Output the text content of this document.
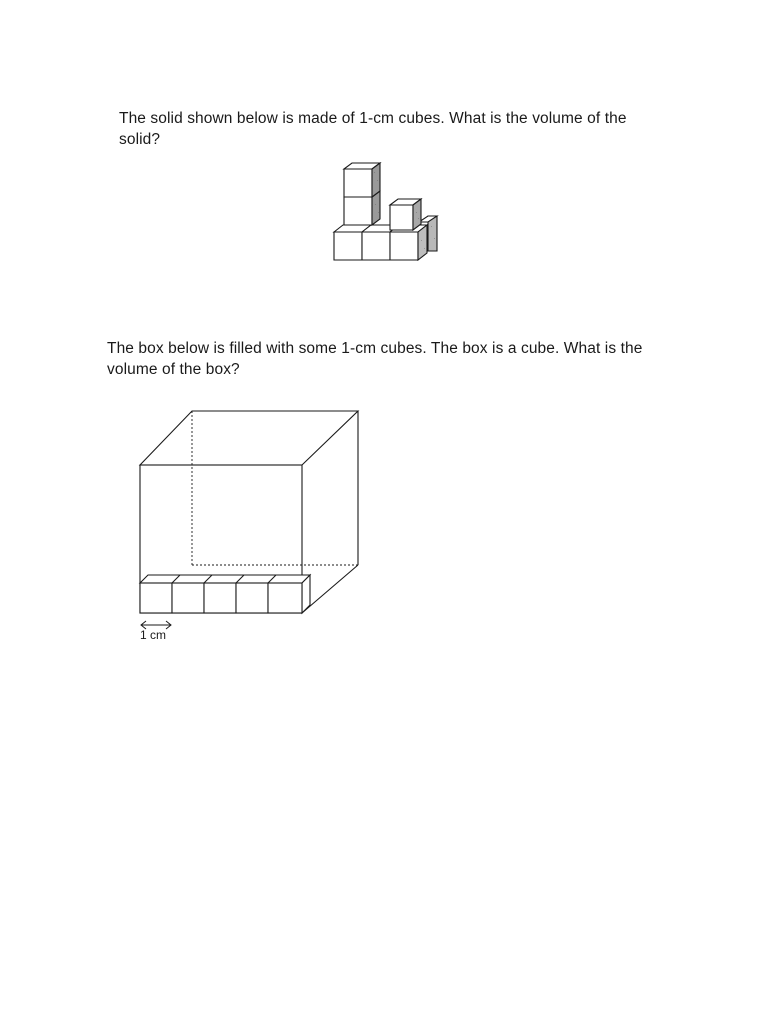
The solid shown below is made of 1-cm cubes. What is the volume of the solid?

The box below is filled with some 1-cm cubes. The box is a cube. What is the volume of the box?

1 cm
